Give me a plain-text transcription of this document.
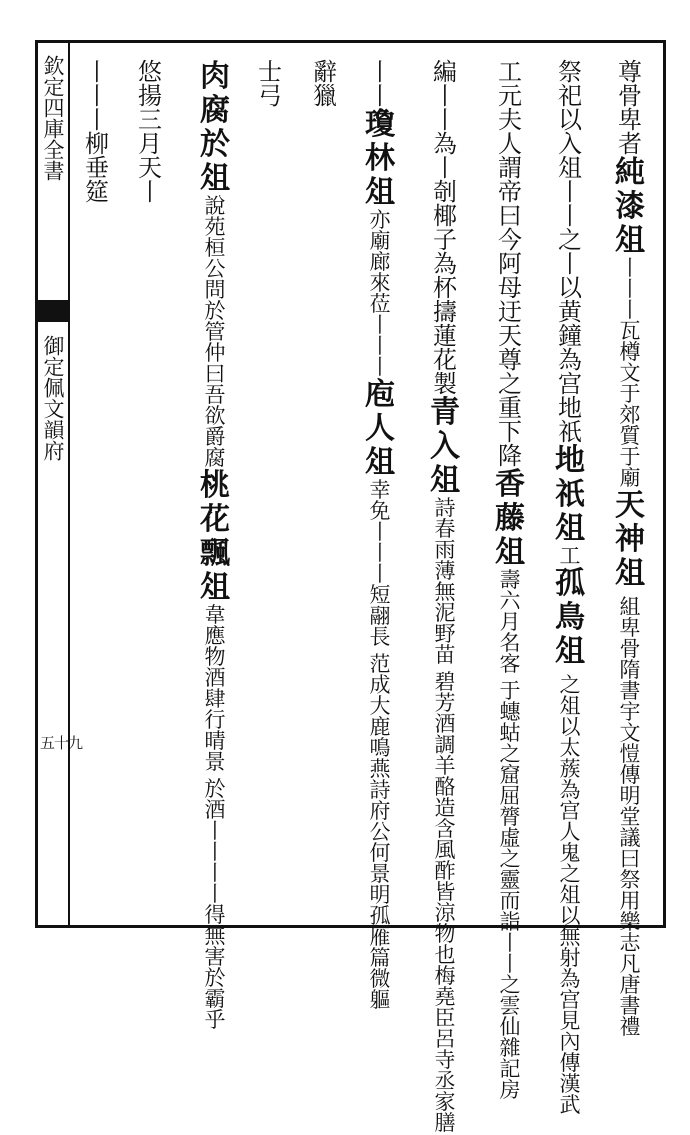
欽定四庫全書
御定佩文韻府
五十九
尊
骨
卑
者
純
漆
俎
丨
丨
丨
瓦
樽
文
于
郊
質
于
廟
天
神
俎
組
卑
骨
隋
書
宇
文
愷
傳
明
堂
議
曰
祭
用
樂
志
凡
唐
書
禮
祭
祀
以
入
俎
丨
丨
之
丨
以
黄
鐘
為
宫
地
祇
地
祇
俎
工
孤
鳥
俎
之
俎
以
太
蔟
為
宫
人
鬼
之
俎
以
無
射
為
宫
見
內
傳
漢
武
工
元
夫
人
謂
帝
曰
今
阿
母
迂
天
尊
之
重
下
降
香
藤
俎
壽
六
月
名
客
于
蟪
蛄
之
窟
屈
膂
虛
之
靈
而
詣
丨
丨
之
雲
仙
雜
記
房
編
丨
丨
為
丨
剞
椰
子
為
杯
擣
蓮
花
製
青
入
俎
詩
春
雨
薄
無
泥
野
苗
碧
芳
酒
調
羊
酪
造
含
風
酢
皆
涼
物
也
梅
堯
臣
呂
寺
丞
家
膳
丨
丨
瓊
林
俎
亦
廟
廊
來
莅
丨
丨
丨
庖
人
俎
幸
免
丨
丨
丨
短
翮
長
范
成
大
鹿
鳴
燕
詩
府
公
何
景
明
孤
雁
篇
微
軀
辭
獵
士
弓
肉
腐
於
俎
說
苑
桓
公
問
於
管
仲
曰
吾
欲
爵
腐
桃
花
飄
俎
韋
應
物
酒
肆
行
晴
景
於
酒
丨
丨
丨
丨
得
無
害
於
霸
乎
悠
揚
三
月
天
丨
丨
丨
丨
柳
垂
筵
